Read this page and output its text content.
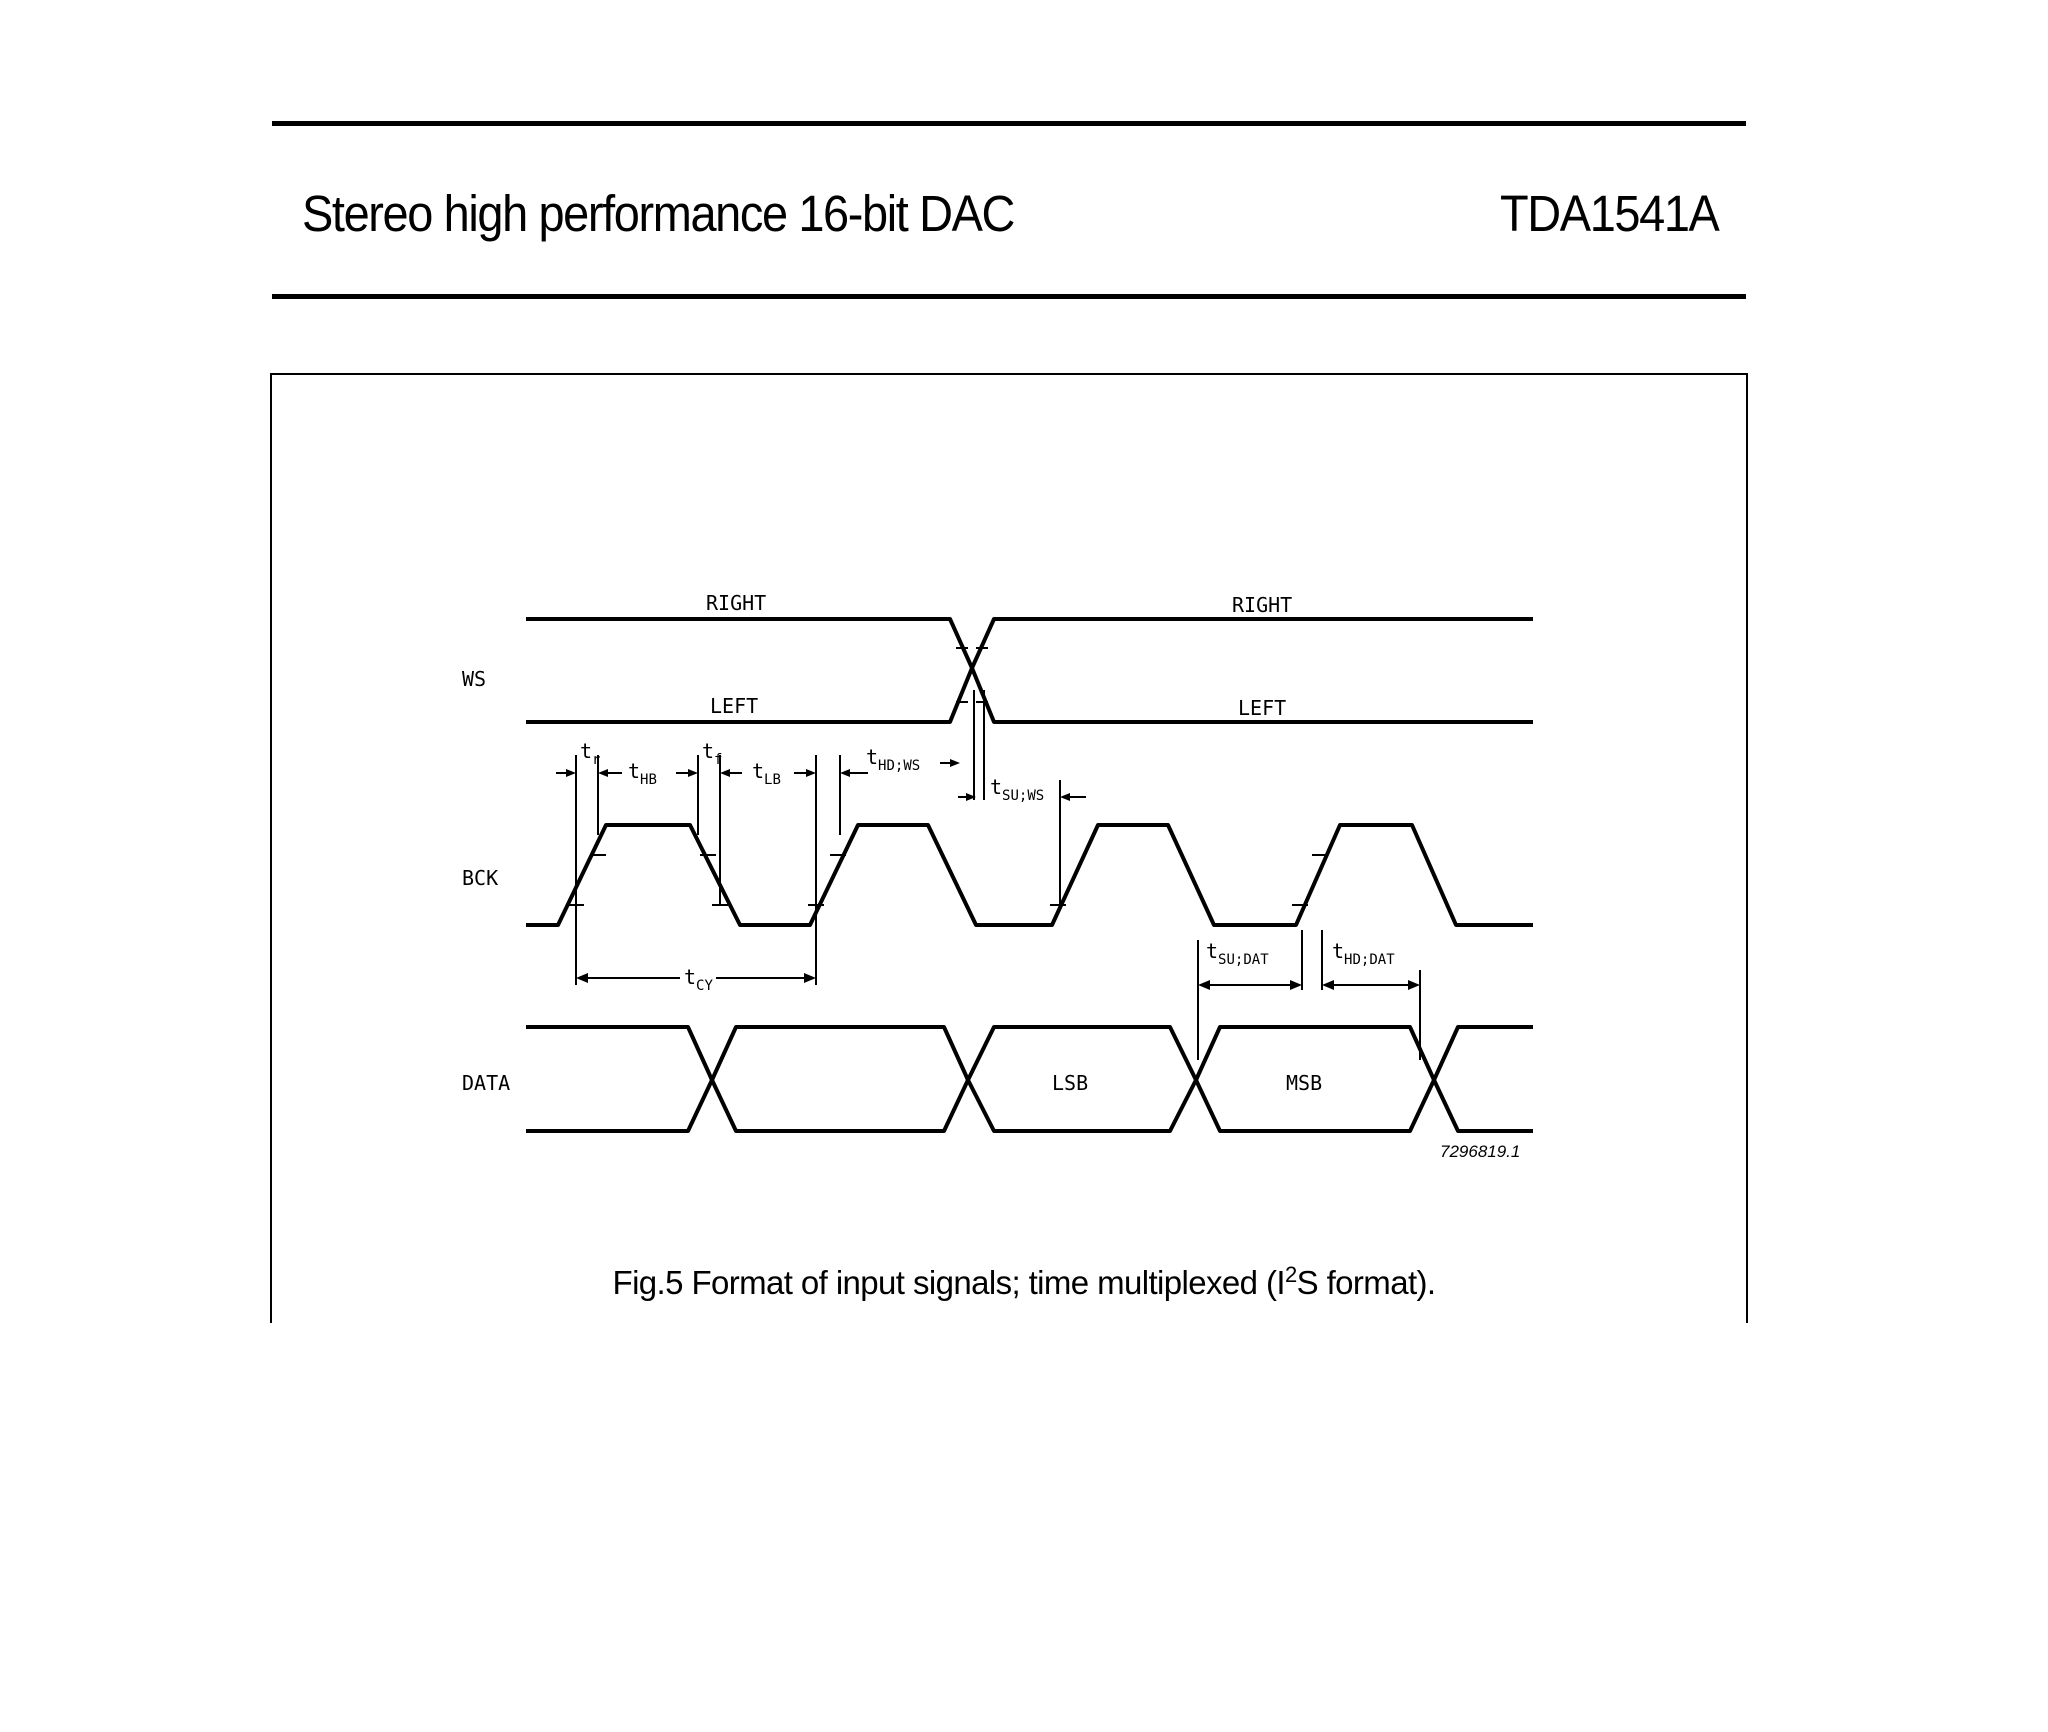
Stereo high performance 16-bit DAC	TDA1541A
WS
BCK
DATA
RIGHT
LEFT
RIGHT
LEFT
$t_r$ $t_{HB}$
$t_f$ $t_{LB}$
$t_{HD;WS}$
$t_{SU;WS}$
$t_{CY}$
$t_{SU;DAT}$	$t_{HD;DAT}$
LSB	MSB
7296819.1
Fig.5 Format of input signals; time multiplexed ($I^2S$ format).
